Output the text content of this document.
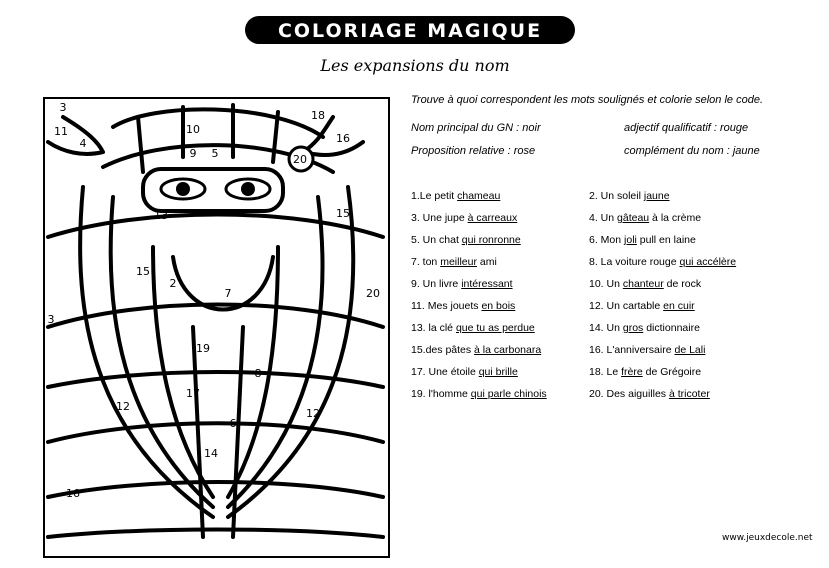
COLORIAGE MAGIQUE
Les expansions du nom
3
11
4
10
5
18
16
9
13
2
15
7
12
19
20
14
17
6
8
16
15
20
12
3
Trouve à quoi correspondent les mots soulignés et colorie selon le code.
Nom principal du GN : noir	adjectif qualificatif : rouge
Proposition relative : rose	complément du nom : jaune
1.Le petit chameau	2. Un soleil jaune
3. Une jupe à carreaux	4. Un gâteau à la crème
5. Un chat qui ronronne	6. Mon joli pull en laine
7. ton meilleur ami	8. La voiture rouge qui accélère
9. Un livre intéressant	10. Un chanteur de rock
11. Mes jouets en bois	12. Un cartable en cuir
13. la clé que tu as perdue	14. Un gros dictionnaire
15.des pâtes à la carbonara	16. L'anniversaire de Lali
17. Une étoile qui brille	18. Le frère de Grégoire
19. l'homme qui parle chinois	20. Des aiguilles à tricoter
www.jeuxdecole.net
